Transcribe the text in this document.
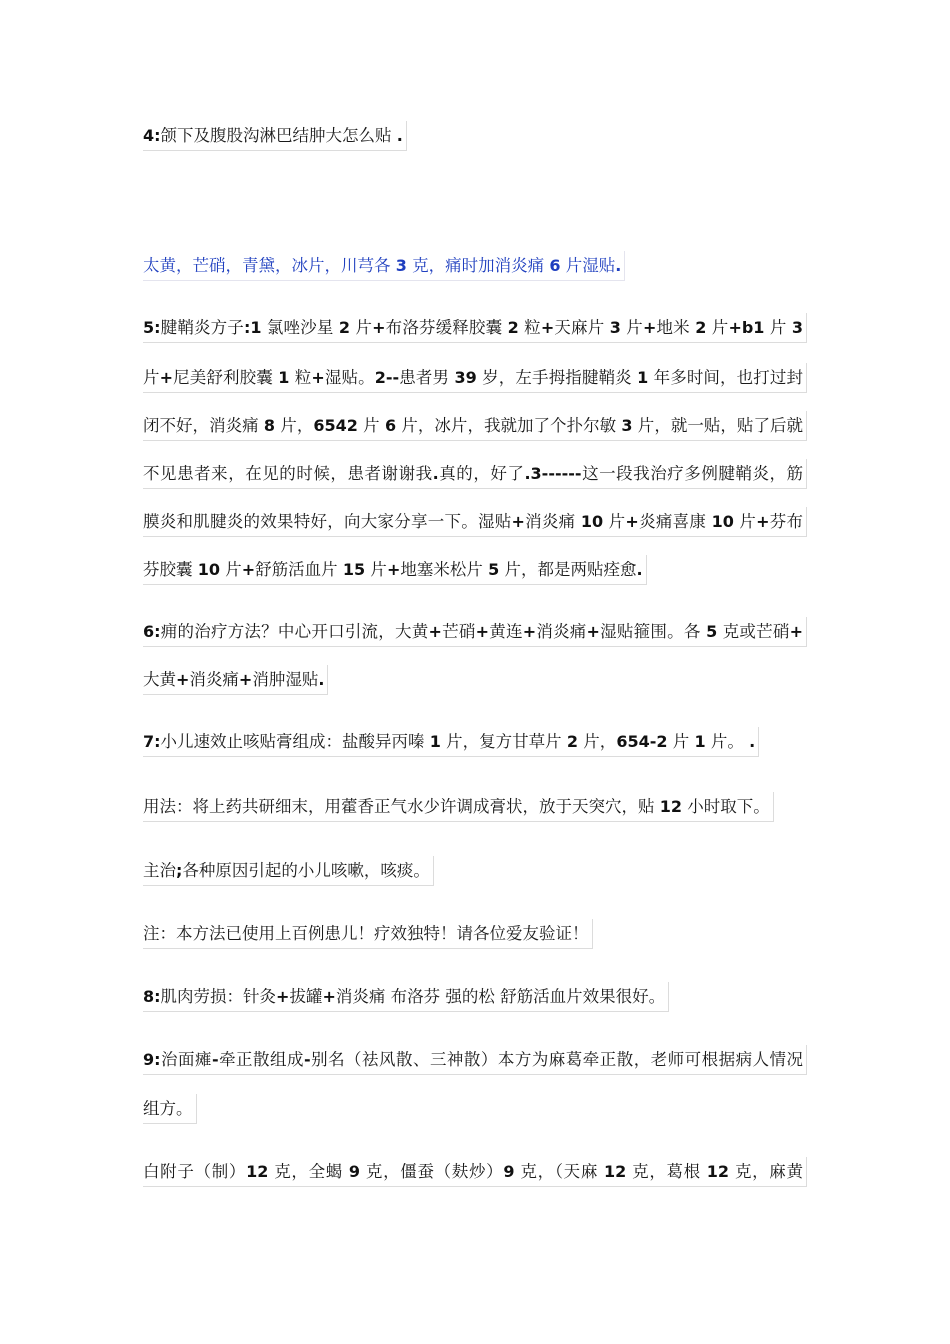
4:颌下及腹股沟淋巴结肿大怎么贴 .
太黄，芒硝，青黛，冰片，川芎各 3 克，痛时加消炎痛 6 片湿贴.
5:腱鞘炎方子:1 氯唑沙星 2 片+布洛芬缓释胶囊 2 粒+天麻片 3 片+地米 2 片+b1 片 3
片+尼美舒利胶囊 1 粒+湿贴。2--患者男 39 岁，左手拇指腱鞘炎 1 年多时间，也打过封
闭不好，消炎痛 8 片，6542 片 6 片，冰片，我就加了个扑尔敏 3 片，就一贴，贴了后就
不见患者来，在见的时候，患者谢谢我.真的，好了.3------这一段我治疗多例腱鞘炎，筋
膜炎和肌腱炎的效果特好，向大家分享一下。湿贴+消炎痛 10 片+炎痛喜康 10 片+芬布
芬胶囊 10 片+舒筋活血片 15 片+地塞米松片 5 片，都是两贴痊愈.
6:痈的治疗方法？中心开口引流，大黄+芒硝+黄连+消炎痛+湿贴箍围。各 5 克或芒硝+
大黄+消炎痛+消肿湿贴.
7:小儿速效止咳贴膏组成：盐酸异丙嗪 1 片，复方甘草片 2 片，654-2 片 1 片。 .
用法：将上药共研细末，用藿香正气水少许调成膏状，放于天突穴，贴 12 小时取下。
主治;各种原因引起的小儿咳嗽，咳痰。
注：本方法已使用上百例患儿！疗效独特！请各位爱友验证！
8:肌肉劳损：针灸+拔罐+消炎痛 布洛芬 强的松 舒筋活血片效果很好。
9:治面瘫-牵正散组成-别名（祛风散、三神散）本方为麻葛牵正散，老师可根据病人情况
组方。
白附子（制）12 克，全蝎 9 克，僵蚕（麸炒）9 克，（天麻 12 克，葛根 12 克，麻黄
